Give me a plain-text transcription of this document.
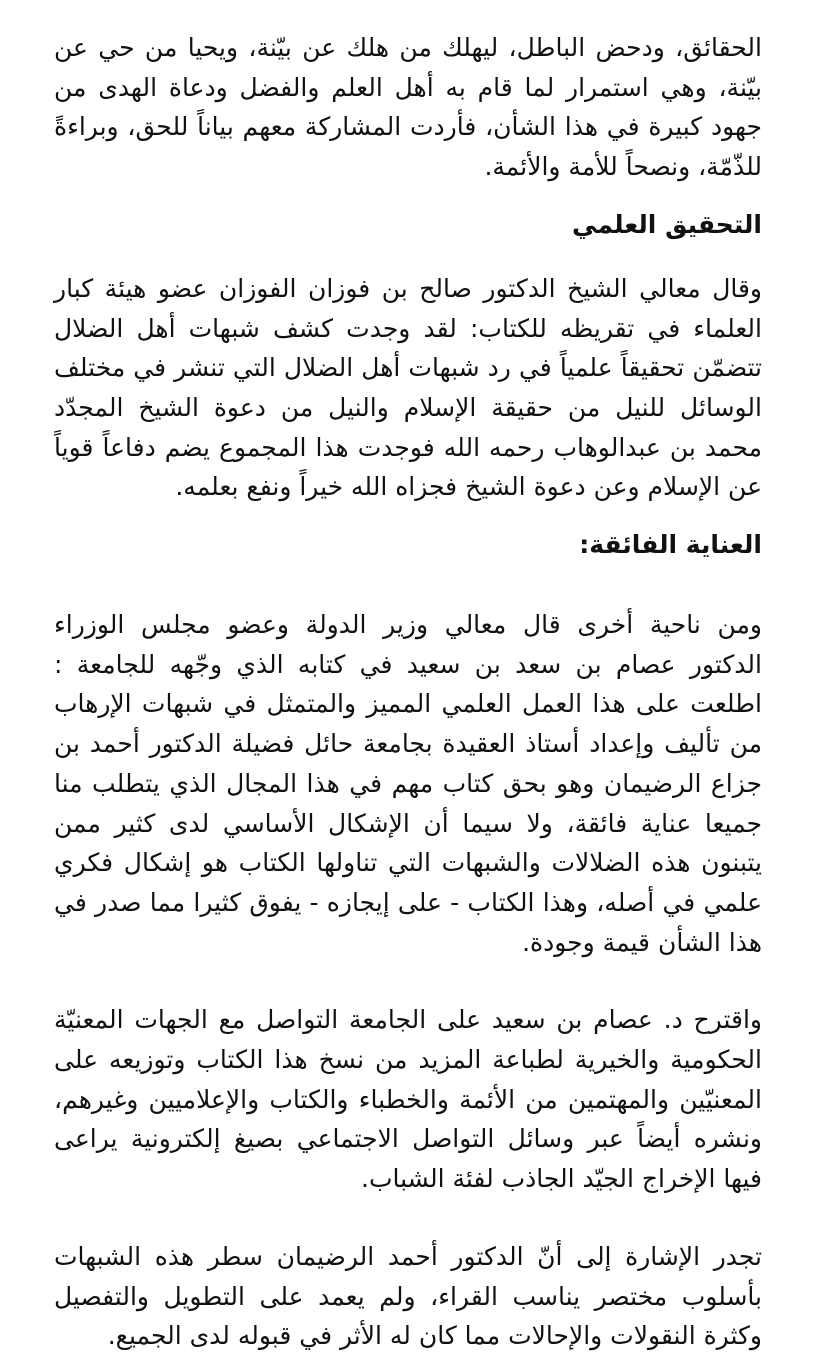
الحقائق، ودحض الباطل، ليهلك من هلك عن بيّنة، ويحيا من حي عن بيّنة، وهي استمرار لما قام به أهل العلم والفضل ودعاة الهدى من جهود كبيرة في هذا الشأن، فأردت المشاركة معهم بياناً للحق، وبراءةً للذّمّة، ونصحاً للأمة والأئمة.

التحقيق العلمي

وقال معالي الشيخ الدكتور صالح بن فوزان الفوزان عضو هيئة كبار العلماء في تقريظه للكتاب: لقد وجدت كشف شبهات أهل الضلال تتضمّن تحقيقاً علمياً في رد شبهات أهل الضلال التي تنشر في مختلف الوسائل للنيل من حقيقة الإسلام والنيل من دعوة الشيخ المجدّد محمد بن عبدالوهاب رحمه الله فوجدت هذا المجموع يضم دفاعاً قوياً عن الإسلام وعن دعوة الشيخ فجزاه الله خيراً ونفع بعلمه.

العناية الفائقة:

ومن ناحية أخرى قال معالي وزير الدولة وعضو مجلس الوزراء الدكتور عصام بن سعد بن سعيد في كتابه الذي وجّهه للجامعة : اطلعت على هذا العمل العلمي المميز والمتمثل في شبهات الإرهاب من تأليف وإعداد أستاذ العقيدة بجامعة حائل فضيلة الدكتور أحمد بن جزاع الرضيمان وهو بحق كتاب مهم في هذا المجال الذي يتطلب منا جميعا عناية فائقة، ولا سيما أن الإشكال الأساسي لدى كثير ممن يتبنون هذه الضلالات والشبهات التي تناولها الكتاب هو إشكال فكري علمي في أصله، وهذا الكتاب - على إيجازه - يفوق كثيرا مما صدر في هذا الشأن قيمة وجودة.

واقترح د. عصام بن سعيد على الجامعة التواصل مع الجهات المعنيّة الحكومية والخيرية لطباعة المزيد من نسخ هذا الكتاب وتوزيعه على المعنيّين والمهتمين من الأئمة والخطباء والكتاب والإعلاميين وغيرهم، ونشره أيضاً عبر وسائل التواصل الاجتماعي بصيغ إلكترونية يراعى فيها الإخراج الجيّد الجاذب لفئة الشباب.

تجدر الإشارة إلى أنّ الدكتور أحمد الرضيمان سطر هذه الشبهات بأسلوب مختصر يناسب القراء، ولم يعمد على التطويل والتفصيل وكثرة النقولات والإحالات مما كان له الأثر في قبوله لدى الجميع.
